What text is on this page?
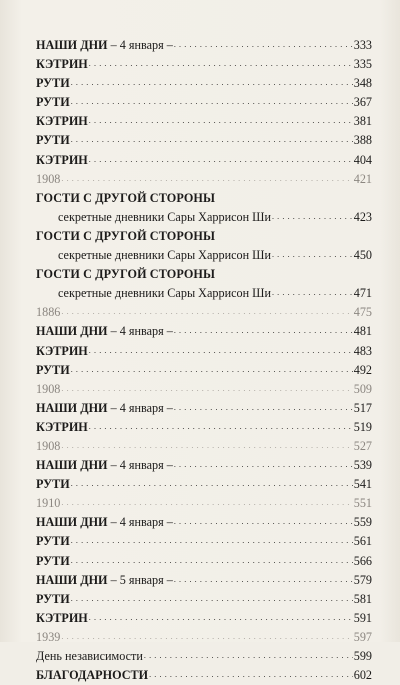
НАШИ ДНИ – 4 января – . . .	333
КЭТРИН . . .	335
РУТИ . . .	348
РУТИ . . .	367
КЭТРИН . . .	381
РУТИ . . .	388
КЭТРИН . . .	404
1908 . . .	421
ГОСТИ С ДРУГОЙ СТОРОНЫ
секретные дневники Сары Харрисон Ши . . .	423
ГОСТИ С ДРУГОЙ СТОРОНЫ
секретные дневники Сары Харрисон Ши . . .	450
ГОСТИ С ДРУГОЙ СТОРОНЫ
секретные дневники Сары Харрисон Ши . . .	471
1886 . . .	475
НАШИ ДНИ – 4 января – . . .	481
КЭТРИН . . .	483
РУТИ . . .	492
1908 . . .	509
НАШИ ДНИ – 4 января – . . .	517
КЭТРИН . . .	519
1908 . . .	527
НАШИ ДНИ – 4 января – . . .	539
РУТИ . . .	541
1910 . . .	551
НАШИ ДНИ – 4 января – . . .	559
РУТИ . . .	561
РУТИ . . .	566
НАШИ ДНИ – 5 января – . . .	579
РУТИ . . .	581
КЭТРИН . . .	591
1939 . . .	597
День независимости . . .	599
БЛАГОДАРНОСТИ . . .	602
